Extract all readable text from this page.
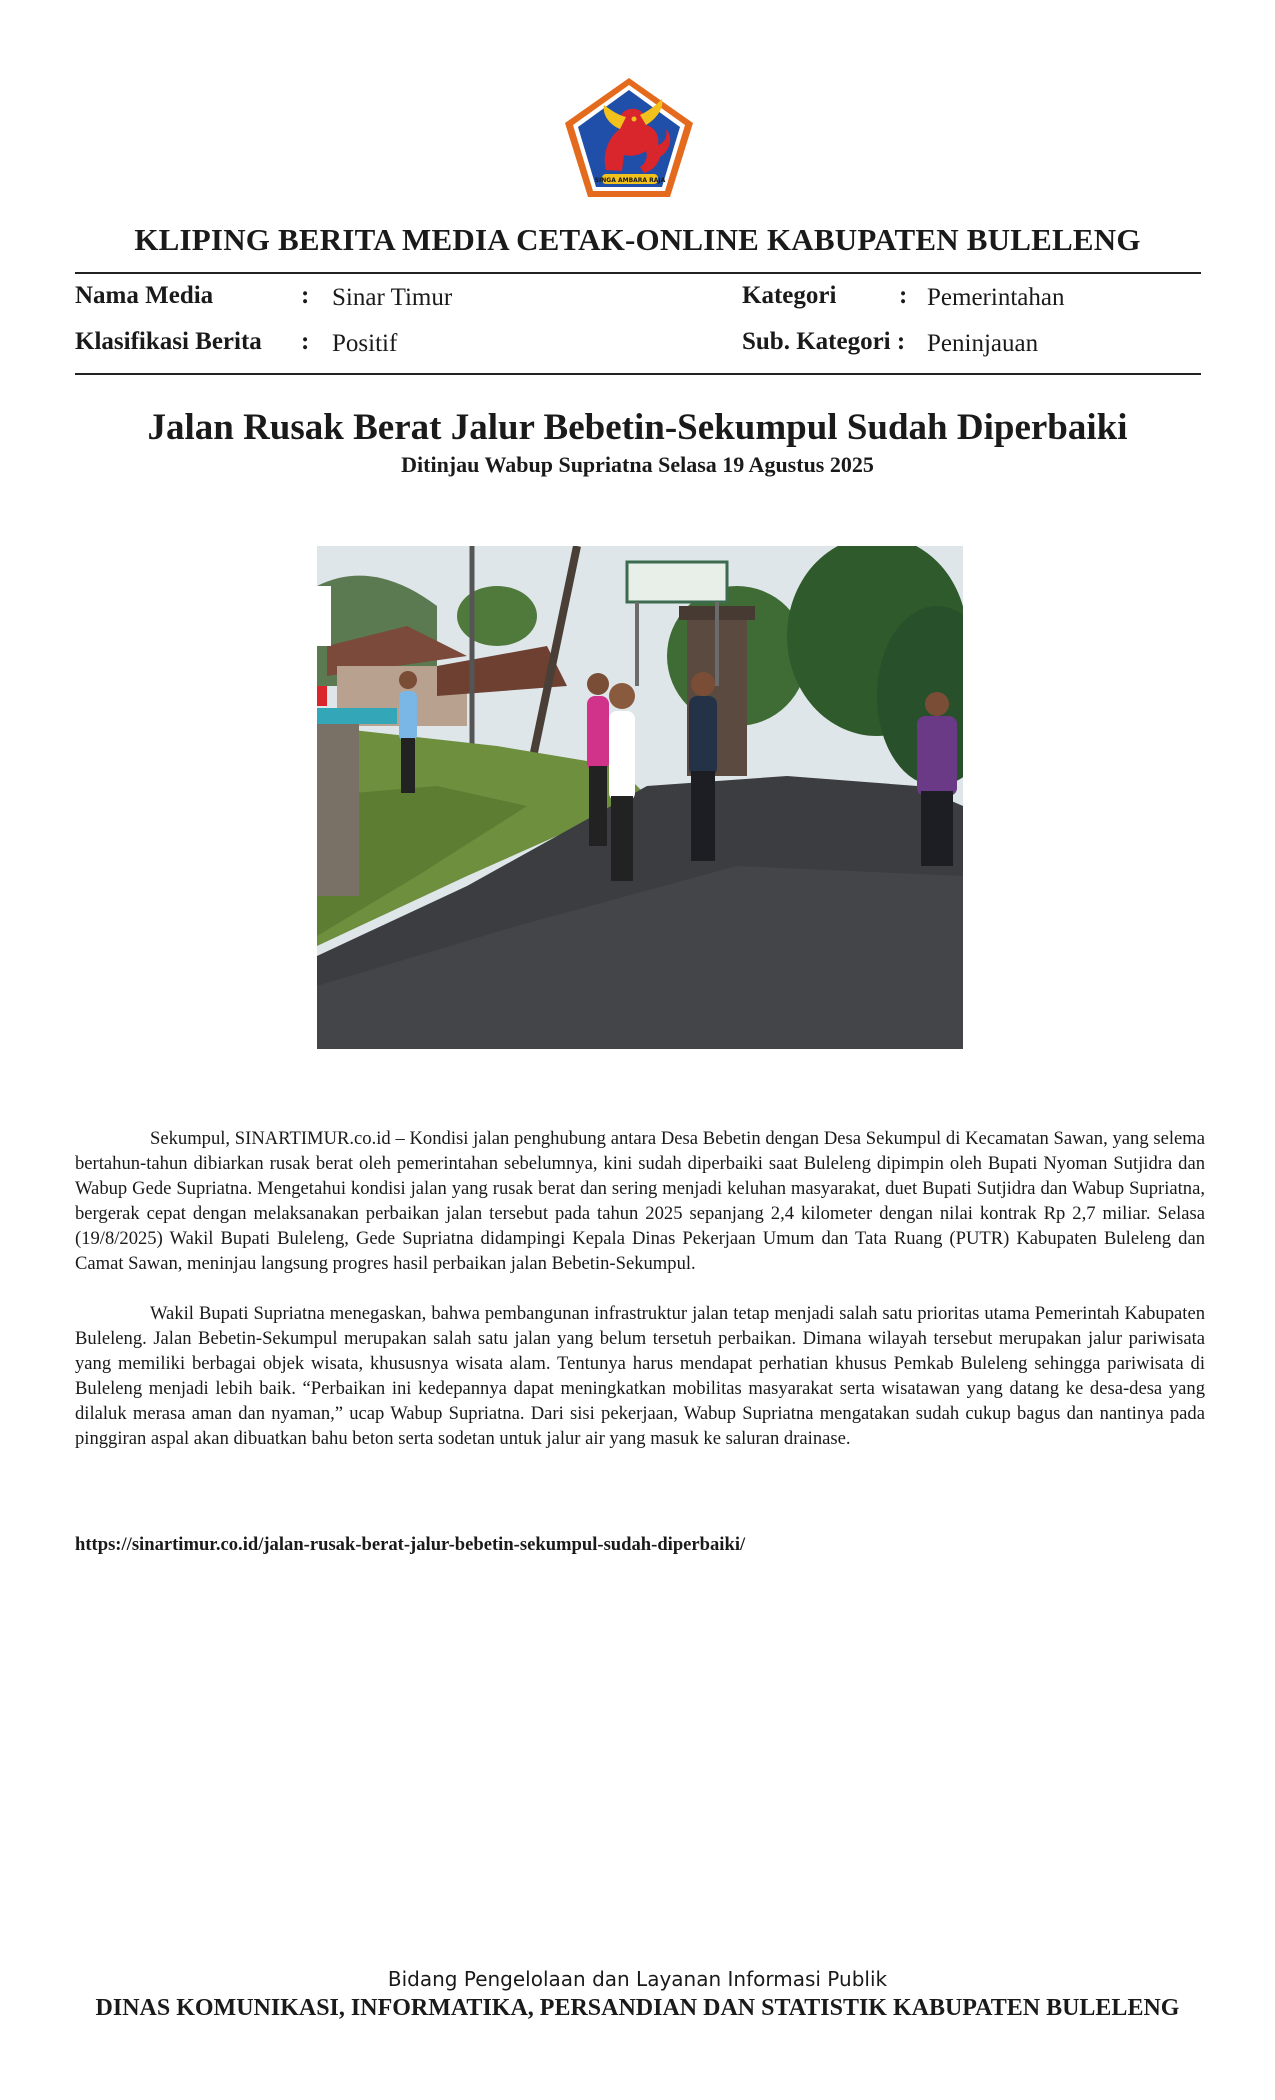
SINGA AMBARA RAJA
KLIPING BERITA MEDIA CETAK-ONLINE KABUPATEN BULELENG
Nama Media	: Sinar Timur	Kategori	: Pemerintahan
Klasifikasi Berita : Positif	Sub. Kategori : Peninjauan
Jalan Rusak Berat Jalur Bebetin-Sekumpul Sudah Diperbaiki
Ditinjau Wabup Supriatna Selasa 19 Agustus 2025

Sekumpul, SINARTIMUR.co.id – Kondisi jalan penghubung antara Desa Bebetin dengan Desa Sekumpul di Kecamatan Sawan, yang selema bertahun-tahun dibiarkan rusak berat oleh pemerintahan sebelumnya, kini sudah diperbaiki saat Buleleng dipimpin oleh Bupati Nyoman Sutjidra dan Wabup Gede Supriatna. Mengetahui kondisi jalan yang rusak berat dan sering menjadi keluhan masyarakat, duet Bupati Sutjidra dan Wabup Supriatna, bergerak cepat dengan melaksanakan perbaikan jalan tersebut pada tahun 2025 sepanjang 2,4 kilometer dengan nilai kontrak Rp 2,7 miliar. Selasa (19/8/2025) Wakil Bupati Buleleng, Gede Supriatna didampingi Kepala Dinas Pekerjaan Umum dan Tata Ruang (PUTR) Kabupaten Buleleng dan Camat Sawan, meninjau langsung progres hasil perbaikan jalan Bebetin-Sekumpul.

Wakil Bupati Supriatna menegaskan, bahwa pembangunan infrastruktur jalan tetap menjadi salah satu prioritas utama Pemerintah Kabupaten Buleleng. Jalan Bebetin-Sekumpul merupakan salah satu jalan yang belum tersetuh perbaikan. Dimana wilayah tersebut merupakan jalur pariwisata yang memiliki berbagai objek wisata, khususnya wisata alam. Tentunya harus mendapat perhatian khusus Pemkab Buleleng sehingga pariwisata di Buleleng menjadi lebih baik. “Perbaikan ini kedepannya dapat meningkatkan mobilitas masyarakat serta wisatawan yang datang ke desa-desa yang dilaluk merasa aman dan nyaman,” ucap Wabup Supriatna. Dari sisi pekerjaan, Wabup Supriatna mengatakan sudah cukup bagus dan nantinya pada pinggiran aspal akan dibuatkan bahu beton serta sodetan untuk jalur air yang masuk ke saluran drainase.

https://sinartimur.co.id/jalan-rusak-berat-jalur-bebetin-sekumpul-sudah-diperbaiki/
Bidang Pengelolaan dan Layanan Informasi Publik
DINAS KOMUNIKASI, INFORMATIKA, PERSANDIAN DAN STATISTIK KABUPATEN BULELENG
